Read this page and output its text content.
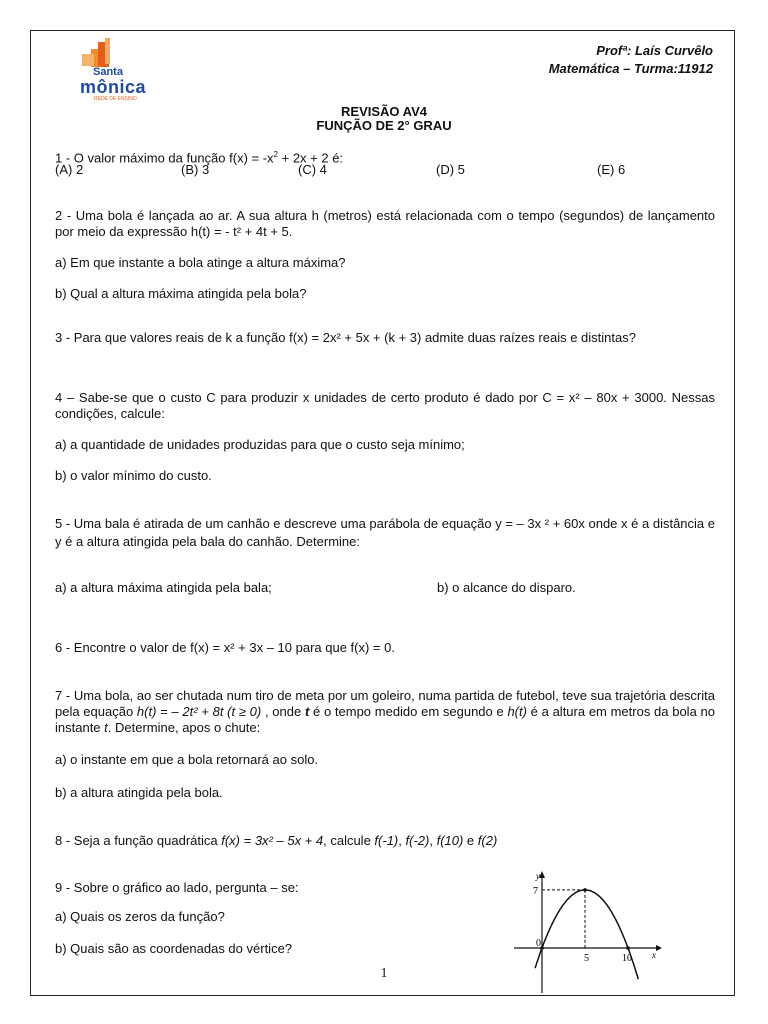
Santa
mônica
REDE DE ENSINO
Profª: Laís Curvêlo
Matemática – Turma:11912
REVISÃO AV4
FUNÇÃO DE 2° GRAU
1 - O valor máximo da função $f(x) = -x^2 + 2x + 2$ é:
(A) 2	(B) 3	(C) 4	(D) 5	(E) 6
2 - Uma bola é lançada ao ar. A sua altura h (metros) está relacionada com o tempo (segundos) de lançamento por meio da expressão h(t) = - t² + 4t + 5.
a) Em que instante a bola atinge a altura máxima?
b) Qual a altura máxima atingida pela bola?
3 - Para que valores reais de k a função f(x) = 2x² + 5x + (k + 3) admite duas raízes reais e distintas?
4 – Sabe-se que o custo C para produzir x unidades de certo produto é dado por C = x² – 80x + 3000. Nessas condições, calcule:
a) a quantidade de unidades produzidas para que o custo seja mínimo;
b) o valor mínimo do custo.
5 - Uma bala é atirada de um canhão e descreve uma parábola de equação y = – 3x ² + 60x onde x é a distância e y é a altura atingida pela bala do canhão. Determine:
a) a altura máxima atingida pela bala;	b) o alcance do disparo.
6 - Encontre o valor de f(x) = x² + 3x – 10 para que f(x) = 0.
7 - Uma bola, ao ser chutada num tiro de meta por um goleiro, numa partida de futebol, teve sua trajetória descrita pela equação h(t) = – 2t² + 8t (t ≥ 0) , onde t é o tempo medido em segundo e h(t) é a altura em metros da bola no instante t. Determine, apos o chute:
a) o instante em que a bola retornará ao solo.
b) a altura atingida pela bola.
8 - Seja a função quadrática f(x) = 3x² – 5x + 4, calcule f(-1), f(-2), f(10) e f(2)
9 - Sobre o gráfico ao lado, pergunta – se:
a) Quais os zeros da função?
b) Quais são as coordenadas do vértice?
y
x
0
7
5	10
1
